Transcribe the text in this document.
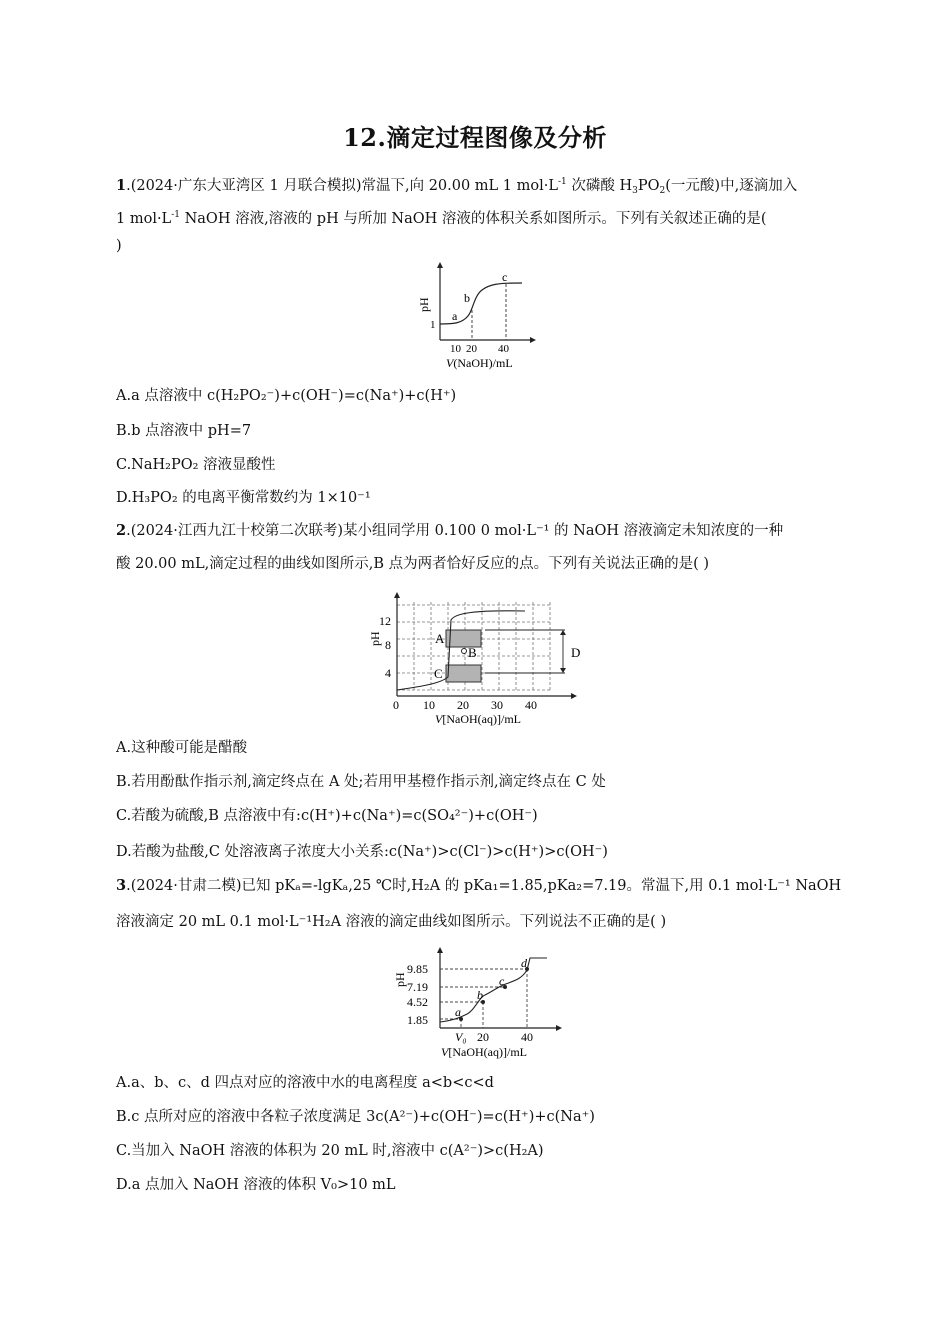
12.滴定过程图像及分析
1.(2024·广东大亚湾区 1 月联合模拟)常温下,向 20.00 mL 1 $mol\cdot L^{-1}$ 次磷酸 $H_3PO_2$(一元酸)中,逐滴加入
1 $mol\cdot L^{-1}$ NaOH 溶液,溶液的 pH 与所加 NaOH 溶液的体积关系如图所示。下列有关叙述正确的是(
)
a
b
c
pH
1
10 20 40
V(NaOH)/mL
A.a 点溶液中 c(H₂PO₂⁻)+c(OH⁻)=c(Na⁺)+c(H⁺)
B.b 点溶液中 pH=7
C.NaH₂PO₂ 溶液显酸性
D.H₃PO₂ 的电离平衡常数约为 1×10⁻¹
2.(2024·江西九江十校第二次联考)某小组同学用 0.100 0 mol·L⁻¹ 的 NaOH 溶液滴定未知浓度的一种
酸 20.00 mL,滴定过程的曲线如图所示,B 点为两者恰好反应的点。下列有关说法正确的是( )
A
B
C
D
pH
12
8
4
0 10 20 30 40
V[NaOH(aq)]/mL
A.这种酸可能是醋酸
B.若用酚酞作指示剂,滴定终点在 A 处;若用甲基橙作指示剂,滴定终点在 C 处
C.若酸为硫酸,B 点溶液中有:c(H⁺)+c(Na⁺)=c(SO₄²⁻)+c(OH⁻)
D.若酸为盐酸,C 处溶液离子浓度大小关系:c(Na⁺)>c(Cl⁻)>c(H⁺)>c(OH⁻)
3.(2024·甘肃二模)已知 pKₐ=-lgKₐ,25 ℃时,H₂A 的 pKa₁=1.85,pKa₂=7.19。常温下,用 0.1 mol·L⁻¹ NaOH
溶液滴定 20 mL 0.1 mol·L⁻¹H₂A 溶液的滴定曲线如图所示。下列说法不正确的是( )
a
b
c
d
pH
9.85
7.19
4.52
1.85
V₀ 20	40
V[NaOH(aq)]/mL
A.a、b、c、d 四点对应的溶液中水的电离程度 a<b<c<d
B.c 点所对应的溶液中各粒子浓度满足 3c(A²⁻)+c(OH⁻)=c(H⁺)+c(Na⁺)
C.当加入 NaOH 溶液的体积为 20 mL 时,溶液中 c(A²⁻)>c(H₂A)
D.a 点加入 NaOH 溶液的体积 V₀>10 mL
